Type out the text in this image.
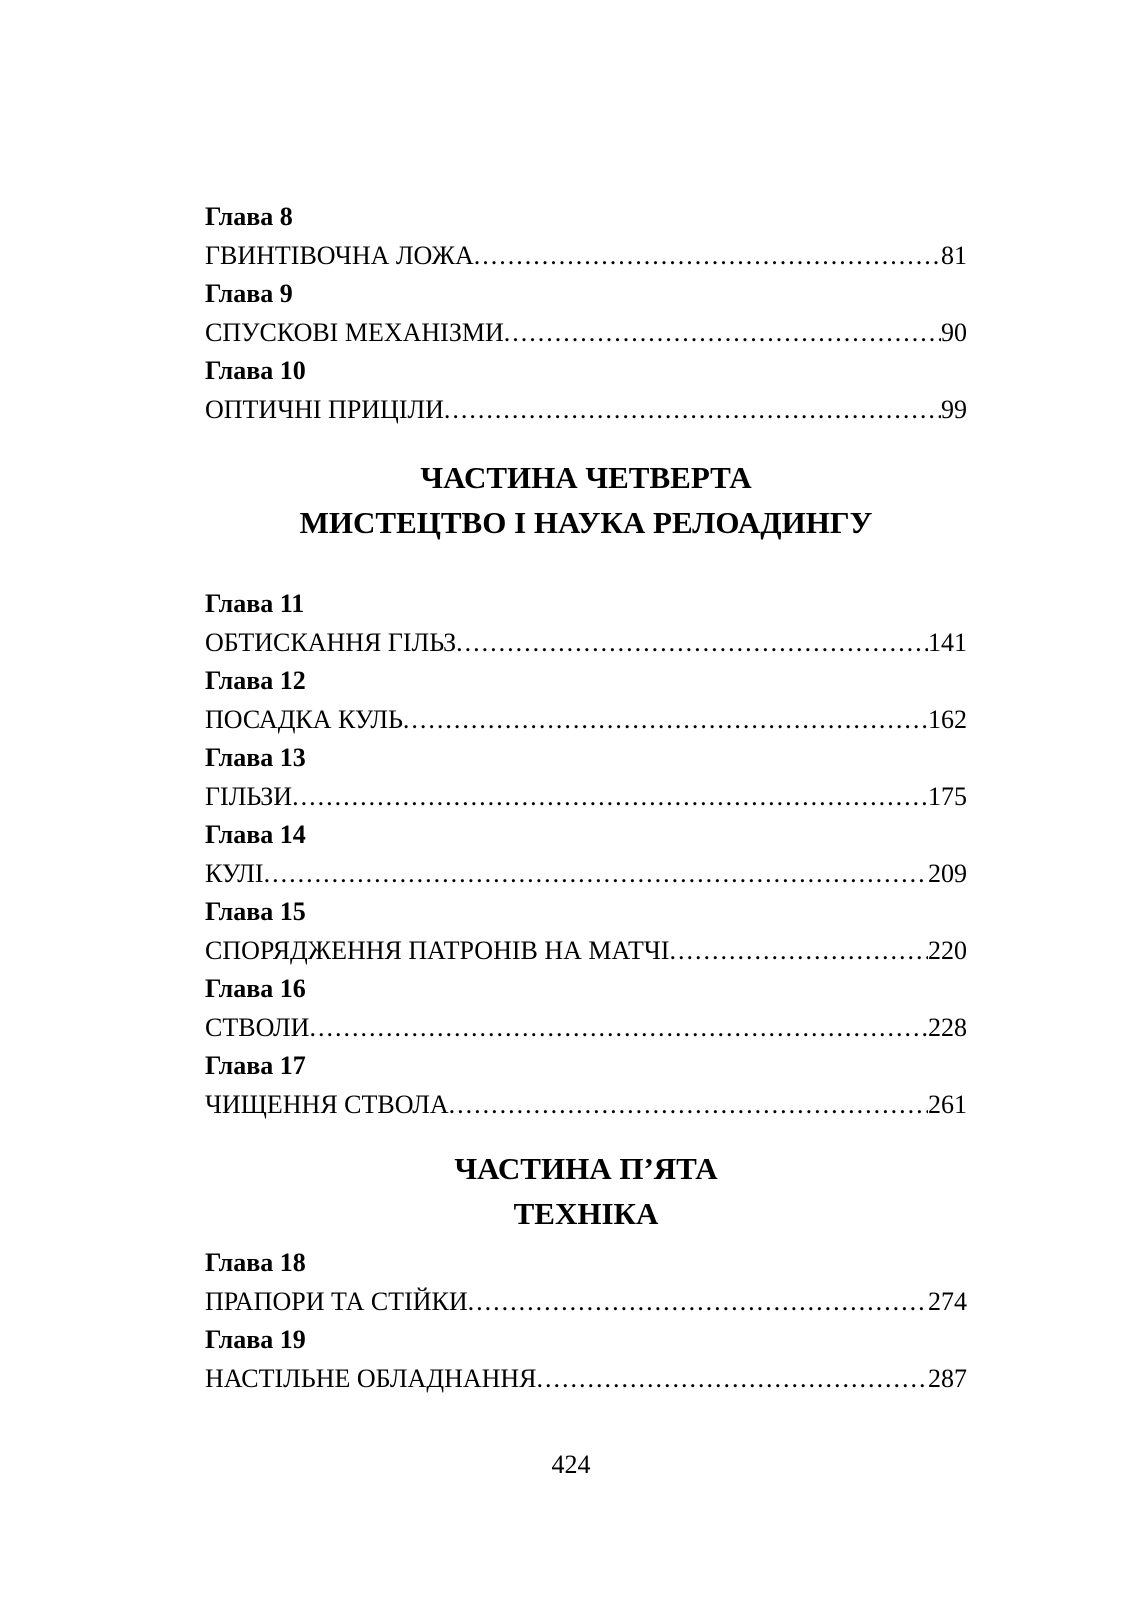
Глава 8
ГВИНТІВОЧНА ЛОЖА .....	81
Глава 9
СПУСКОВІ МЕХАНІЗМИ .....	90
Глава 10
ОПТИЧНІ ПРИЦІЛИ .....	99
ЧАСТИНА ЧЕТВЕРТА
МИСТЕЦТВО І НАУКА РЕЛОАДИНГУ
Глава 11
ОБТИСКАННЯ ГІЛЬЗ .....	141
Глава 12
ПОСАДКА КУЛЬ .....	162
Глава 13
ГІЛЬЗИ .....	175
Глава 14
КУЛІ .....	209
Глава 15
СПОРЯДЖЕННЯ ПАТРОНІВ НА МАТЧІ .....	220
Глава 16
СТВОЛИ .....	228
Глава 17
ЧИЩЕННЯ СТВОЛА .....	261
ЧАСТИНА П’ЯТА
ТЕХНІКА
Глава 18
ПРАПОРИ ТА СТІЙКИ .....	274
Глава 19
НАСТІЛЬНЕ ОБЛАДНАННЯ .....	287
424
